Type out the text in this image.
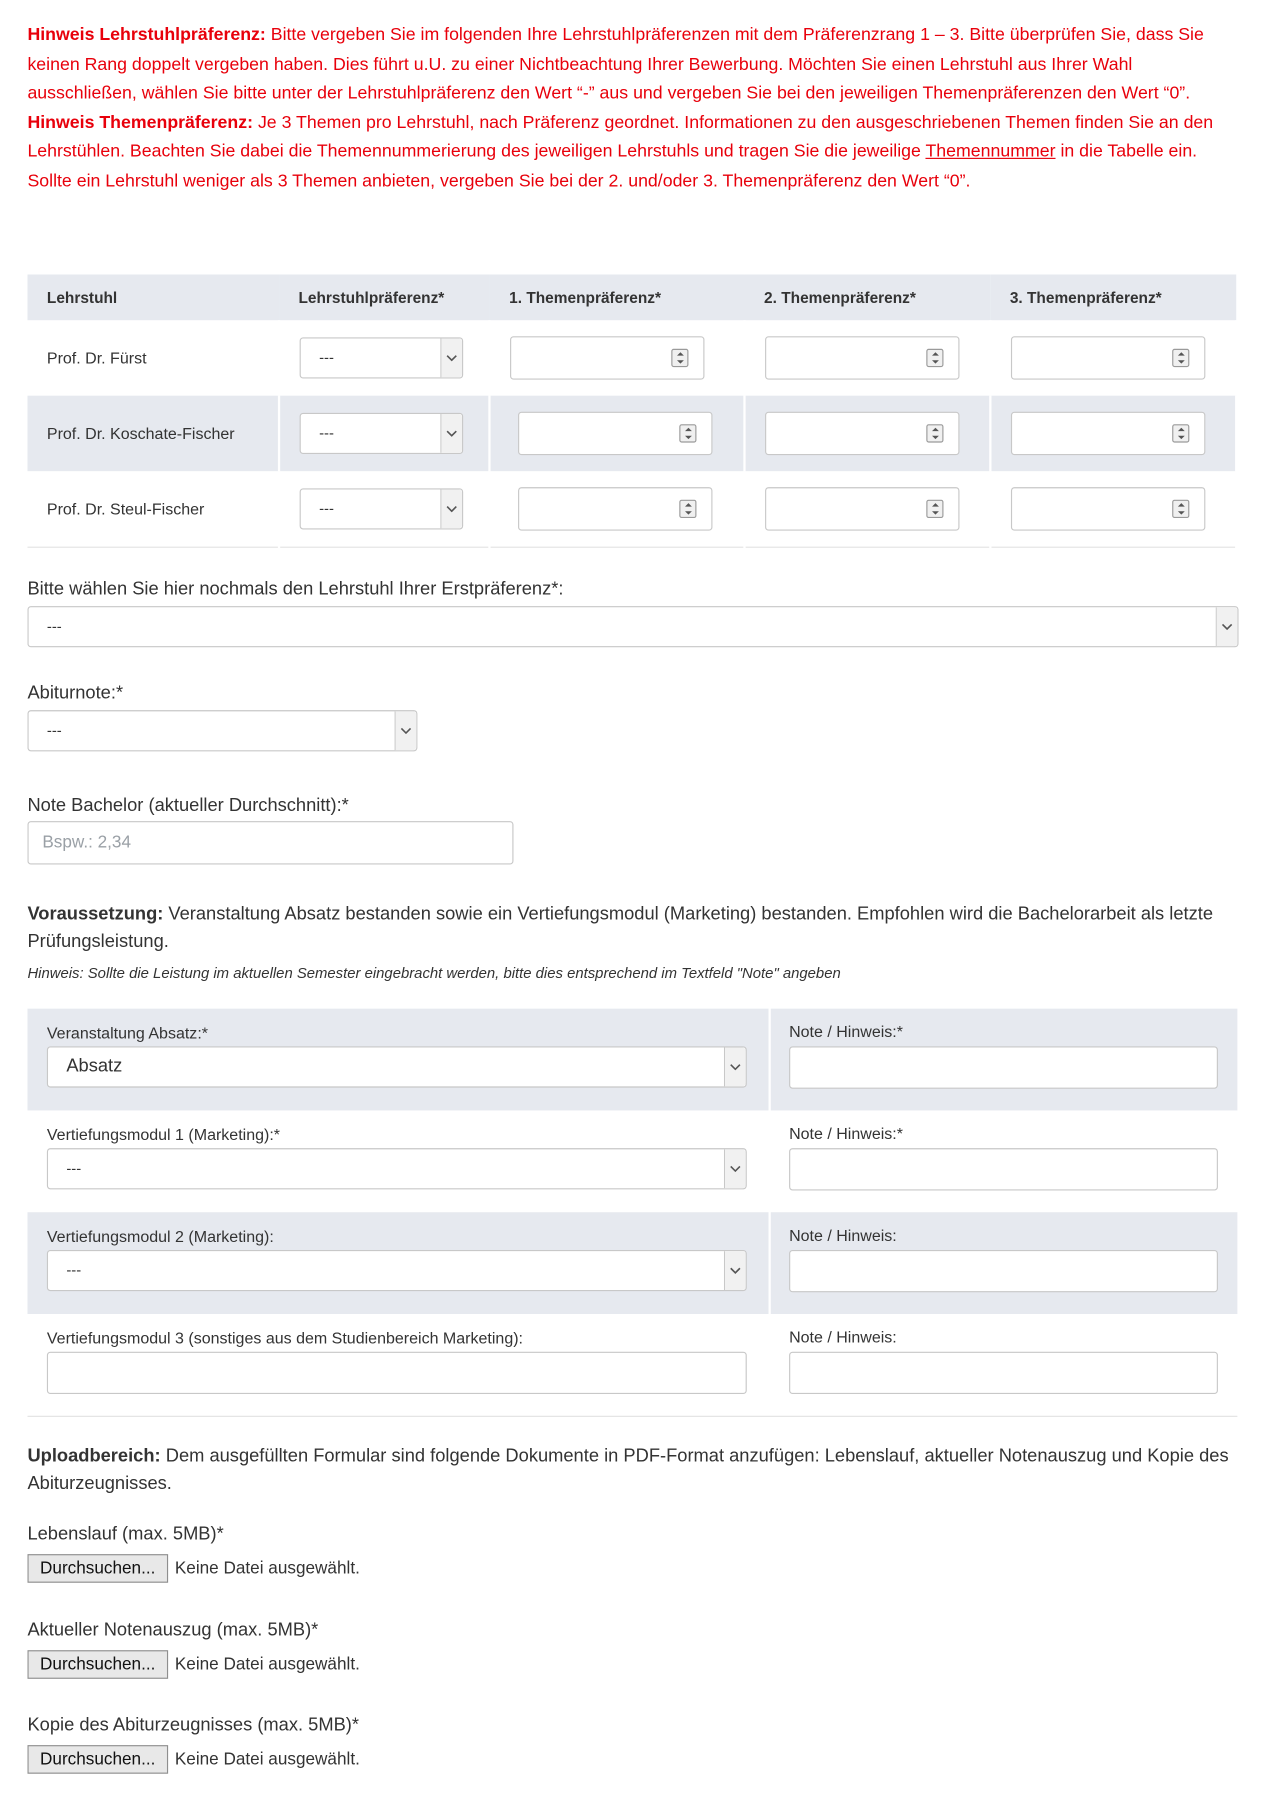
Hinweis Lehrstuhlpräferenz: Bitte vergeben Sie im folgenden Ihre Lehrstuhlpräferenzen mit dem Präferenzrang 1 – 3. Bitte überprüfen Sie, dass Sie keinen Rang doppelt vergeben haben. Dies führt u.U. zu einer Nichtbeachtung Ihrer Bewerbung. Möchten Sie einen Lehrstuhl aus Ihrer Wahl ausschließen, wählen Sie bitte unter der Lehrstuhlpräferenz den Wert “-” aus und vergeben Sie bei den jeweiligen Themenpräferenzen den Wert “0”.
Hinweis Themenpräferenz: Je 3 Themen pro Lehrstuhl, nach Präferenz geordnet. Informationen zu den ausgeschriebenen Themen finden Sie an den Lehrstühlen. Beachten Sie dabei die Themennummerierung des jeweiligen Lehrstuhls und tragen Sie die jeweilige Themennummer in die Tabelle ein. Sollte ein Lehrstuhl weniger als 3 Themen anbieten, vergeben Sie bei der 2. und/oder 3. Themenpräferenz den Wert “0”.
Lehrstuhl	Lehrstuhlpräferenz*	1. Themenpräferenz*	2. Themenpräferenz*	3. Themenpräferenz*
Prof. Dr. Fürst	---			

Prof. Dr. Koschate-Fischer	---			

Prof. Dr. Steul-Fischer	---			

Bitte wählen Sie hier nochmals den Lehrstuhl Ihrer Erstpräferenz*:
---
Abiturnote:*
---
Note Bachelor (aktueller Durchschnitt):*
Bspw.: 2,34
Voraussetzung: Veranstaltung Absatz bestanden sowie ein Vertiefungsmodul (Marketing) bestanden. Empfohlen wird die Bachelorarbeit als letzte Prüfungsleistung.
Hinweis: Sollte die Leistung im aktuellen Semester eingebracht werden, bitte dies entsprechend im Textfeld "Note" angeben
Veranstaltung Absatz:*
Absatz
Note / Hinweis:*
Vertiefungsmodul 1 (Marketing):*
---
Note / Hinweis:*
Vertiefungsmodul 2 (Marketing):
---
Note / Hinweis:
Vertiefungsmodul 3 (sonstiges aus dem Studienbereich Marketing):	Note / Hinweis:
Uploadbereich: Dem ausgefüllten Formular sind folgende Dokumente in PDF-Format anzufügen: Lebenslauf, aktueller Notenauszug und Kopie des Abiturzeugnisses.
Lebenslauf (max. 5MB)*
Durchsuchen...	Keine Datei ausgewählt.
Aktueller Notenauszug (max. 5MB)*
Durchsuchen...	Keine Datei ausgewählt.
Kopie des Abiturzeugnisses (max. 5MB)*
Durchsuchen...	Keine Datei ausgewählt.
